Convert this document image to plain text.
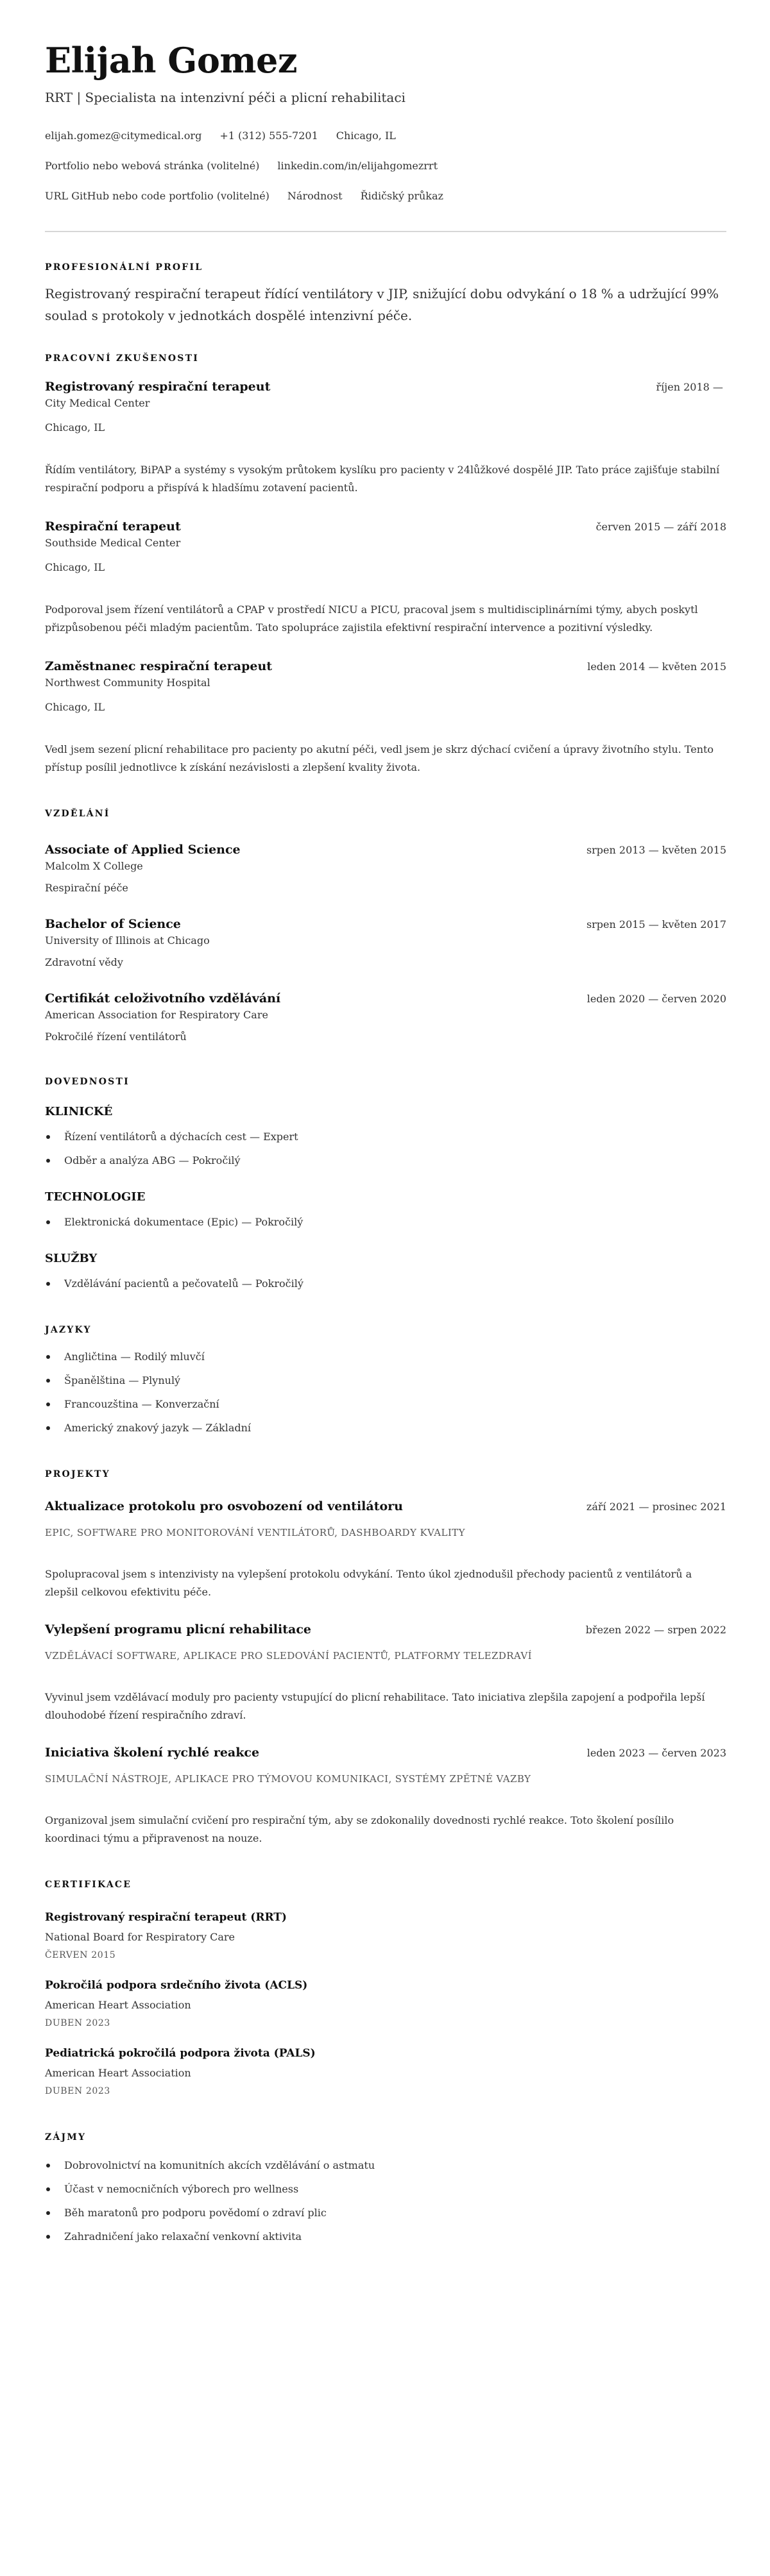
Elijah Gomez
RRT | Specialista na intenzivní péči a plicní rehabilitaci
elijah.gomez@citymedical.org +1 (312) 555-7201 Chicago, IL
Portfolio nebo webová stránka (volitelné) linkedin.com/in/elijahgomezrrt
URL GitHub nebo code portfolio (volitelné) Národnost Řidičský průkaz
PROFESIONÁLNÍ PROFIL
Registrovaný respirační terapeut řídící ventilátory v JIP, snižující dobu odvykání o 18 % a udržující 99% soulad s protokoly v jednotkách dospělé intenzivní péče.
PRACOVNÍ ZKUŠENOSTI
Registrovaný respirační terapeut	říjen 2018 —
City Medical Center
Chicago, IL
Řídím ventilátory, BiPAP a systémy s vysokým průtokem kyslíku pro pacienty v 24lůžkové dospělé JIP. Tato práce zajišťuje stabilní respirační podporu a přispívá k hladšímu zotavení pacientů.
Respirační terapeut	červen 2015 — září 2018
Southside Medical Center
Chicago, IL
Podporoval jsem řízení ventilátorů a CPAP v prostředí NICU a PICU, pracoval jsem s multidisciplinárními týmy, abych poskytl přizpůsobenou péči mladým pacientům. Tato spolupráce zajistila efektivní respirační intervence a pozitivní výsledky.
Zaměstnanec respirační terapeut	leden 2014 — květen 2015
Northwest Community Hospital
Chicago, IL
Vedl jsem sezení plicní rehabilitace pro pacienty po akutní péči, vedl jsem je skrz dýchací cvičení a úpravy životního stylu. Tento přístup posílil jednotlivce k získání nezávislosti a zlepšení kvality života.
VZDĚLÁNÍ
Associate of Applied Science	srpen 2013 — květen 2015
Malcolm X College
Respirační péče
Bachelor of Science	srpen 2015 — květen 2017
University of Illinois at Chicago
Zdravotní vědy
Certifikát celoživotního vzdělávání	leden 2020 — červen 2020
American Association for Respiratory Care
Pokročilé řízení ventilátorů
DOVEDNOSTI
KLINICKÉ
Řízení ventilátorů a dýchacích cest — Expert
Odběr a analýza ABG — Pokročilý
TECHNOLOGIE
Elektronická dokumentace (Epic) — Pokročilý
SLUŽBY
Vzdělávání pacientů a pečovatelů — Pokročilý
JAZYKY
Angličtina — Rodilý mluvčí
Španělština — Plynulý
Francouzština — Konverzační
Americký znakový jazyk — Základní
PROJEKTY
Aktualizace protokolu pro osvobození od ventilátoru	září 2021 — prosinec 2021
EPIC, SOFTWARE PRO MONITOROVÁNÍ VENTILÁTORŮ, DASHBOARDY KVALITY
Spolupracoval jsem s intenzivisty na vylepšení protokolu odvykání. Tento úkol zjednodušil přechody pacientů z ventilátorů a zlepšil celkovou efektivitu péče.
Vylepšení programu plicní rehabilitace	březen 2022 — srpen 2022
VZDĚLÁVACÍ SOFTWARE, APLIKACE PRO SLEDOVÁNÍ PACIENTŮ, PLATFORMY TELEZDRAVÍ
Vyvinul jsem vzdělávací moduly pro pacienty vstupující do plicní rehabilitace. Tato iniciativa zlepšila zapojení a podpořila lepší dlouhodobé řízení respiračního zdraví.
Iniciativa školení rychlé reakce	leden 2023 — červen 2023
SIMULAČNÍ NÁSTROJE, APLIKACE PRO TÝMOVOU KOMUNIKACI, SYSTÉMY ZPĚTNÉ VAZBY
Organizoval jsem simulační cvičení pro respirační tým, aby se zdokonalily dovednosti rychlé reakce. Toto školení posílilo koordinaci týmu a připravenost na nouze.
CERTIFIKACE
Registrovaný respirační terapeut (RRT)
National Board for Respiratory Care
ČERVEN 2015
Pokročilá podpora srdečního života (ACLS)
American Heart Association
DUBEN 2023
Pediatrická pokročilá podpora života (PALS)
American Heart Association
DUBEN 2023
ZÁJMY
Dobrovolnictví na komunitních akcích vzdělávání o astmatu
Účast v nemocničních výborech pro wellness
Běh maratonů pro podporu povědomí o zdraví plic
Zahradničení jako relaxační venkovní aktivita
